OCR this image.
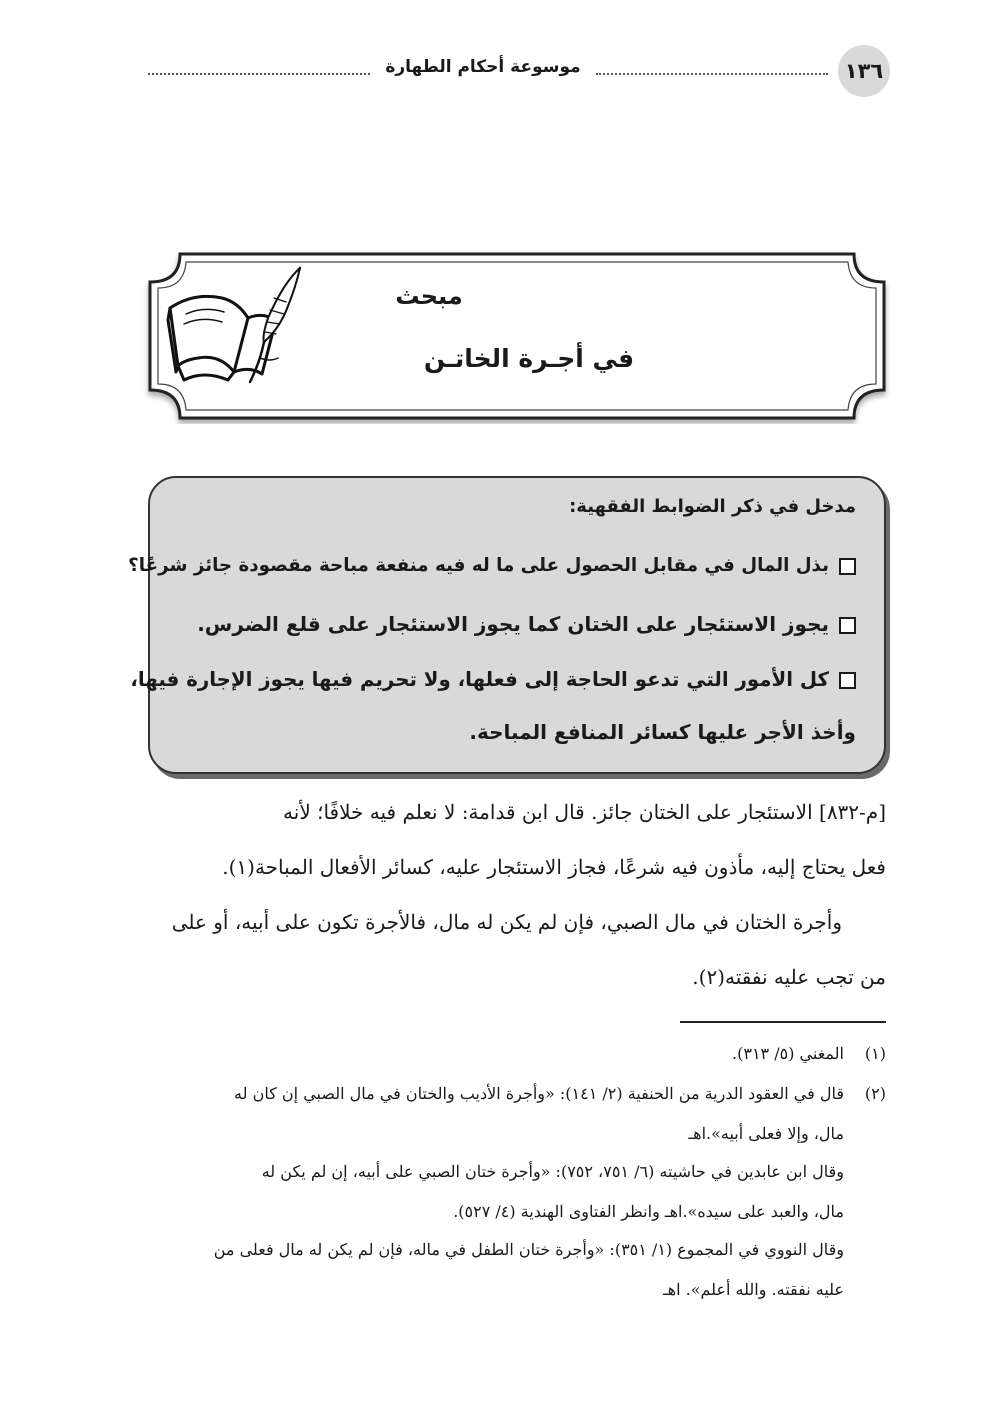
موسوعة أحكام الطهارة	١٣٦
مبحث
في أجـرة الخاتـن
مدخل في ذكر الضوابط الفقهية:
بذل المال في مقابل الحصول على ما له فيه منفعة مباحة مقصودة جائز شرعًا؟
يجوز الاستئجار على الختان كما يجوز الاستئجار على قلع الضرس.
كل الأمور التي تدعو الحاجة إلى فعلها، ولا تحريم فيها يجوز الإجارة فيها،
وأخذ الأجر عليها كسائر المنافع المباحة.
[م-٨٣٢] الاستئجار على الختان جائز. قال ابن قدامة: لا نعلم فيه خلافًا؛ لأنه
فعل يحتاج إليه، مأذون فيه شرعًا، فجاز الاستئجار عليه، كسائر الأفعال المباحة(١).
وأجرة الختان في مال الصبي، فإن لم يكن له مال، فالأجرة تكون على أبيه، أو على
من تجب عليه نفقته(٢).
(١)
المغني (٥/ ٣١٣).
(٢)
قال في العقود الدرية من الحنفية (٢/ ١٤١): «وأجرة الأديب والختان في مال الصبي إن كان له
مال، وإلا فعلى أبيه».اهـ
وقال ابن عابدين في حاشيته (٦/ ٧٥١، ٧٥٢): «وأجرة ختان الصبي على أبيه، إن لم يكن له
مال، والعبد على سيده».اهـ وانظر الفتاوى الهندية (٤/ ٥٢٧).
وقال النووي في المجموع (١/ ٣٥١): «وأجرة ختان الطفل في ماله، فإن لم يكن له مال فعلى من
عليه نفقته. والله أعلم». اهـ
